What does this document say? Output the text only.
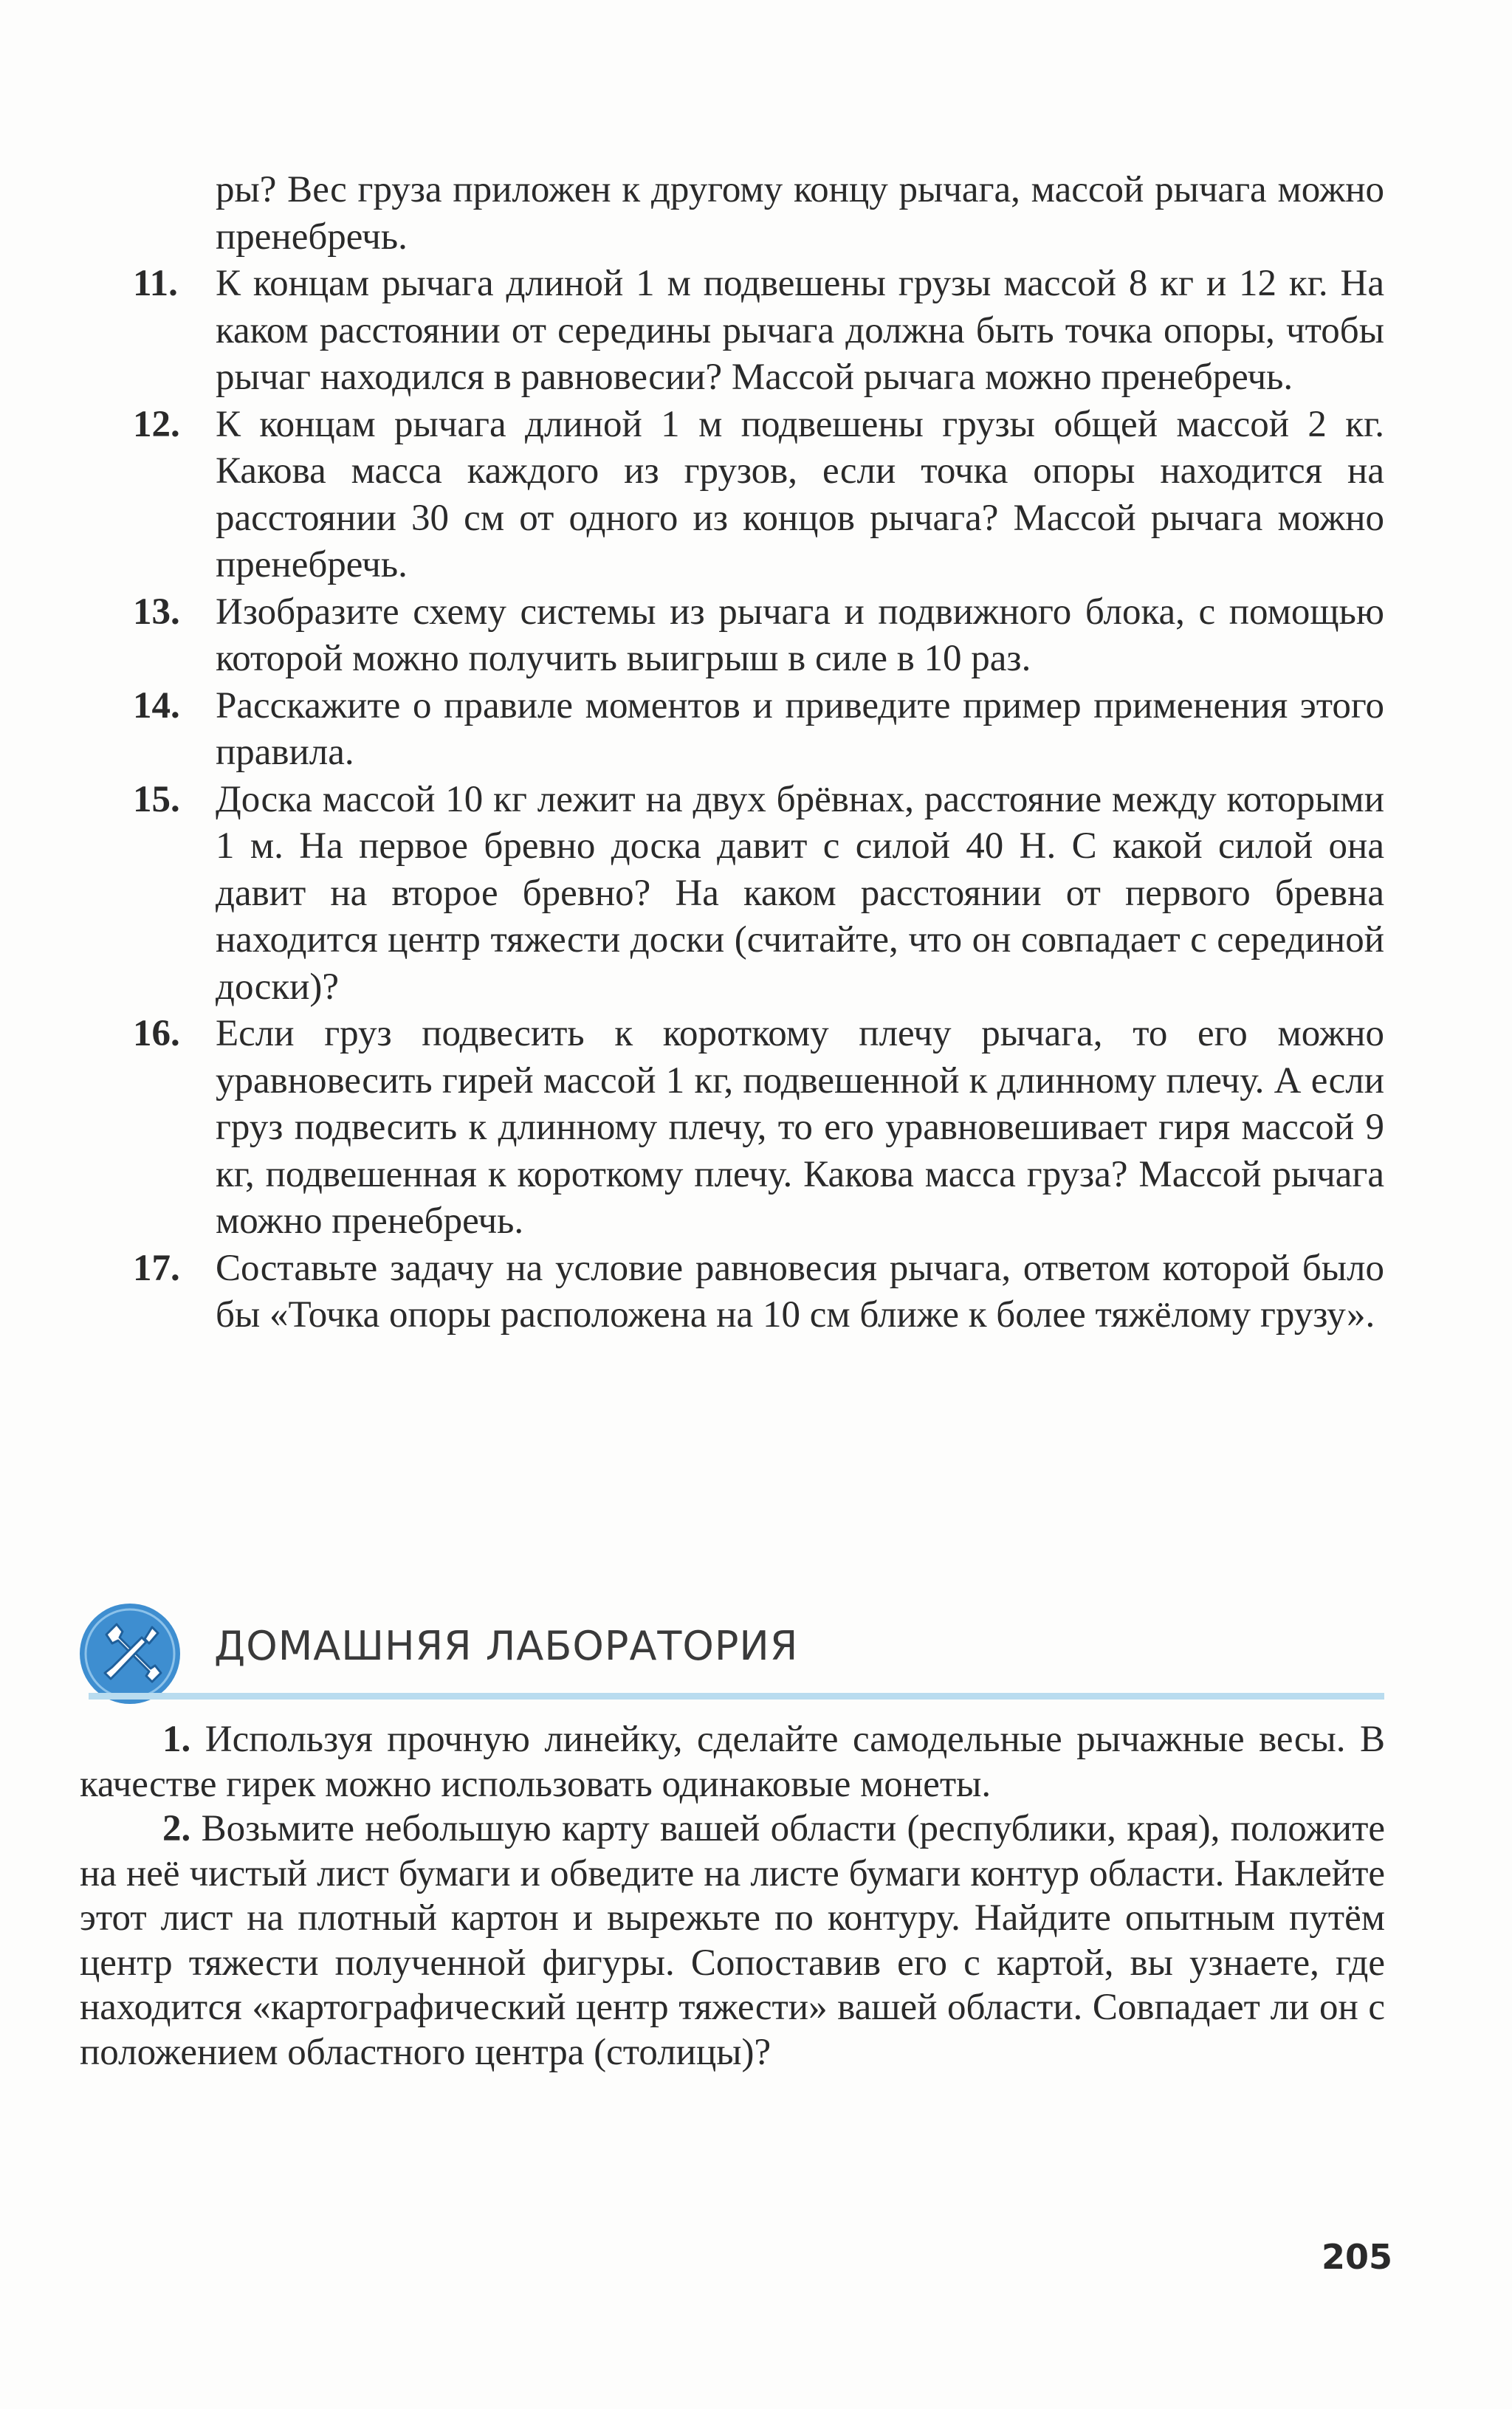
ры? Вес груза приложен к другому концу рычага, массой рычага можно пренебречь.
11.	К концам рычага длиной 1 м подвешены грузы массой 8 кг и 12 кг. На каком расстоянии от середины рычага должна быть точка опоры, чтобы рычаг находился в равновесии? Массой рычага можно пренебречь.
12. К концам рычага длиной 1 м подвешены грузы общей массой 2 кг. Какова масса каждого из грузов, если точка опоры находится на расстоянии 30 см от одного из концов рычага? Массой рычага можно пренебречь.
13. Изобразите схему системы из рычага и подвижного блока, с помощью которой можно получить выигрыш в силе в 10 раз.
14. Расскажите о правиле моментов и приведите пример применения этого правила.
15. Доска массой 10 кг лежит на двух брёвнах, расстояние между которыми 1 м. На первое бревно доска давит с силой 40 Н. С какой силой она давит на второе бревно? На каком расстоянии от первого бревна находится центр тяжести доски (считайте, что он совпадает с серединой доски)?
16. Если груз подвесить к короткому плечу рычага, то его можно уравновесить гирей массой 1 кг, подвешенной к длинному плечу. А если груз подвесить к длинному плечу, то его уравновешивает гиря массой 9 кг, подвешенная к короткому плечу. Какова масса груза? Массой рычага можно пренебречь.
17. Составьте задачу на условие равновесия рычага, ответом которой было бы «Точка опоры расположена на 10 см ближе к более тяжёлому грузу».
ДОМАШНЯЯ ЛАБОРАТОРИЯ
1. Используя прочную линейку, сделайте самодельные рычажные весы. В качестве гирек можно использовать одинаковые монеты.
2. Возьмите небольшую карту вашей области (республики, края), положите на неё чистый лист бумаги и обведите на листе бумаги контур области. Наклейте этот лист на плотный картон и вырежьте по контуру. Найдите опытным путём центр тяжести полученной фигуры. Сопоставив его с картой, вы узнаете, где находится «картографический центр тяжести» вашей области. Совпадает ли он с положением областного центра (столицы)?
205
